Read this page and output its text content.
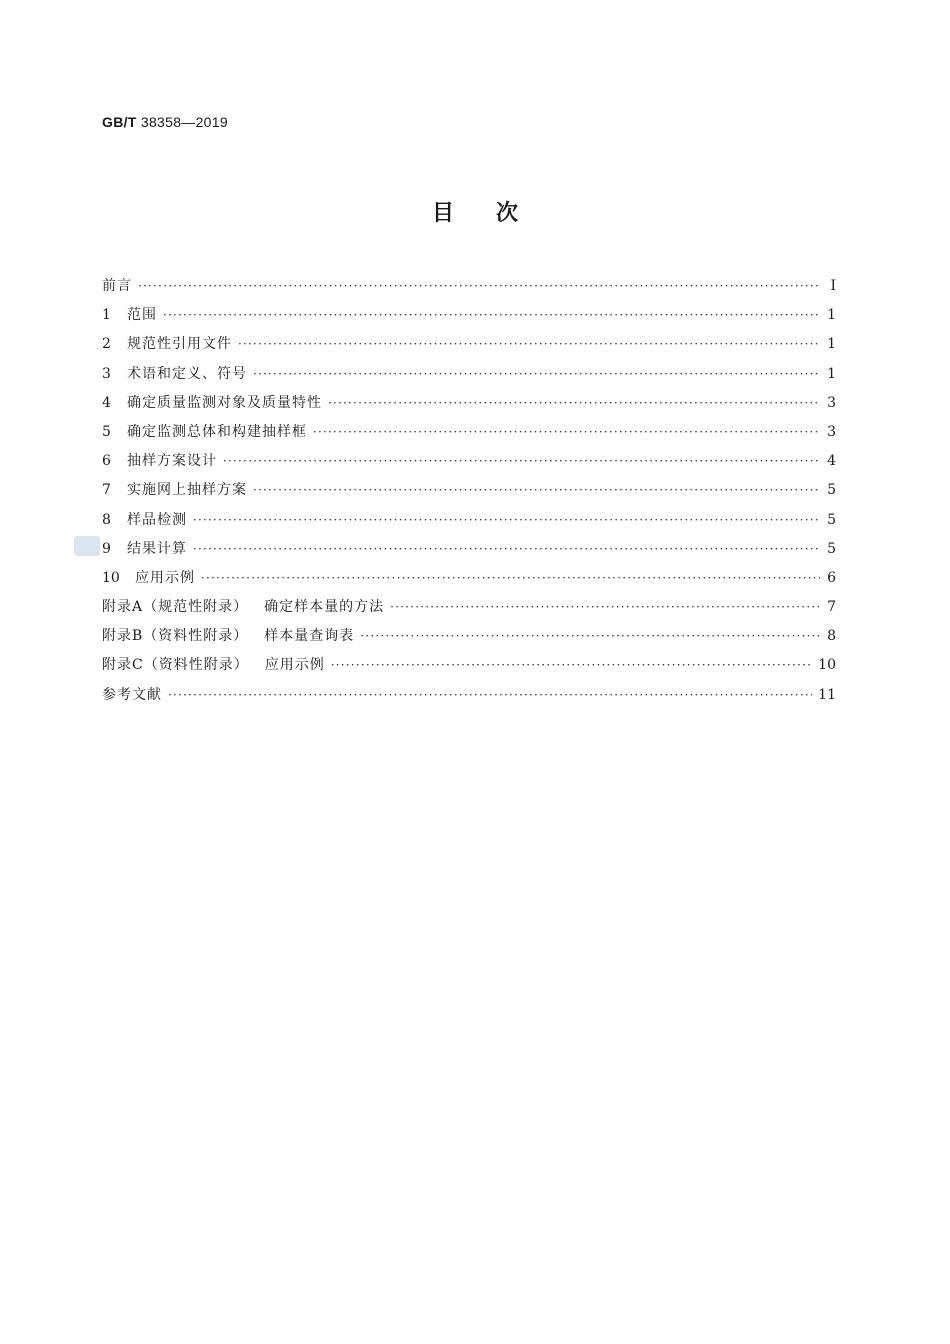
GB/T 38358—2019
目次
前言 ·····	Ⅰ
1	范围 ·····	1
2	规范性引用文件 ·····	1
3	术语和定义、符号 ·····	1
4	确定质量监测对象及质量特性 ·····	3
5	确定监测总体和构建抽样框 ·····	3
6	抽样方案设计 ·····	4
7	实施网上抽样方案 ·····	5
8	样品检测 ·····	5
9	结果计算 ·····	5
10	应用示例 ·····	6
附录A（规范性附录） 确定样本量的方法 ·····	7
附录B（资料性附录） 样本量查询表 ·····	8
附录C（资料性附录） 应用示例 ·····	10
参考文献 ·····	11
